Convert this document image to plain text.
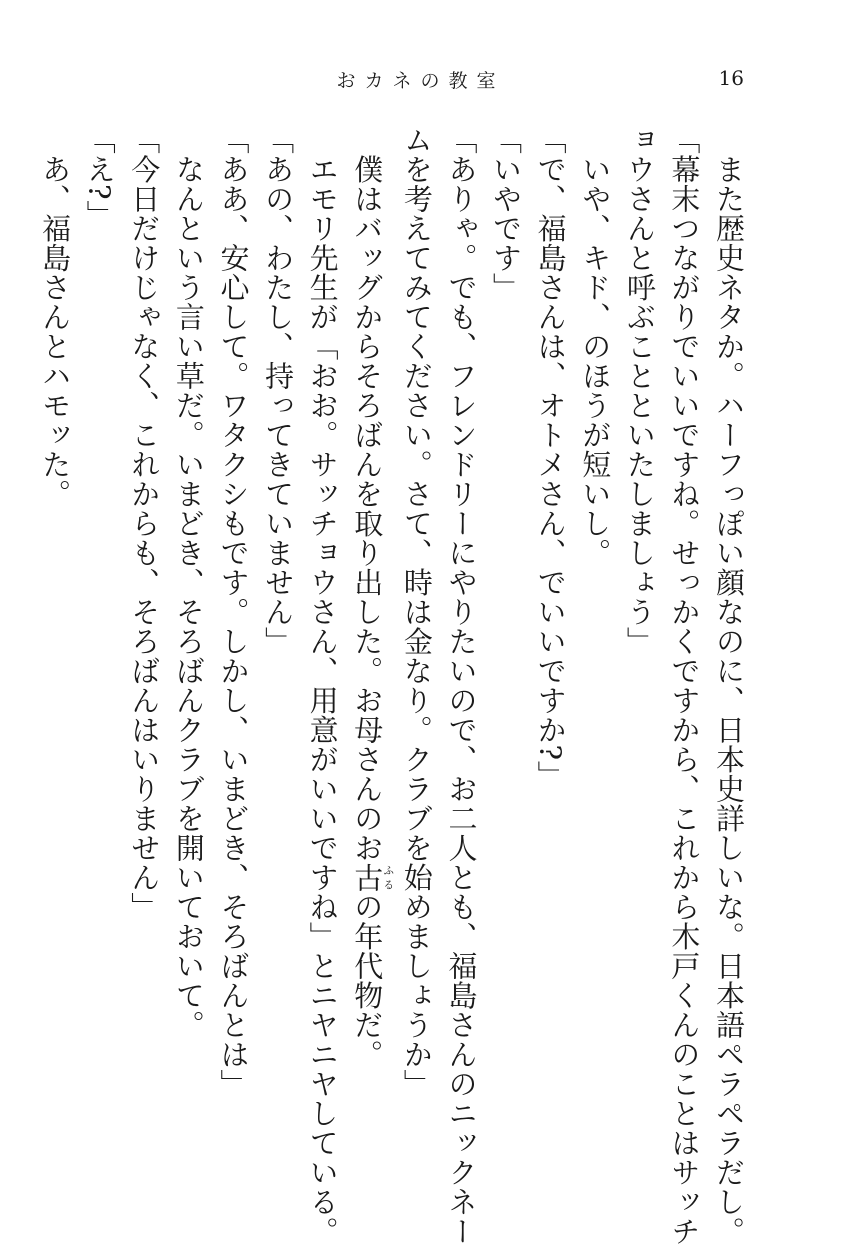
おカネの教室	16
　また歴史ネタか。ハーフっぽい顔なのに、日本史詳しいな。日本語ペラペラだし。
「幕末つながりでいいですね。せっかくですから、これから木戸くんのことはサッチ
ョウさんと呼ぶことといたしましょう」
　いや、キド、のほうが短いし。
「で、福島さんは、オトメさん、でいいですか?」
「いやです」
「ありゃ。でも、フレンドリーにやりたいので、お二人とも、福島さんのニックネー
ムを考えてみてください。さて、時は金なり。クラブを始めましょうか」
　僕はバッグからそろばんを取り出した。お母さんのお古ふるの年代物だ。
　エモリ先生が「おお。サッチョウさん、用意がいいですね」とニヤニヤしている。
「あの、わたし、持ってきていません」
「ああ、安心して。ワタクシもです。しかし、いまどき、そろばんとは」
　なんという言い草だ。いまどき、そろばんクラブを開いておいて。
「今日だけじゃなく、これからも、そろばんはいりません」
「え?」
　あ、福島さんとハモッた。
